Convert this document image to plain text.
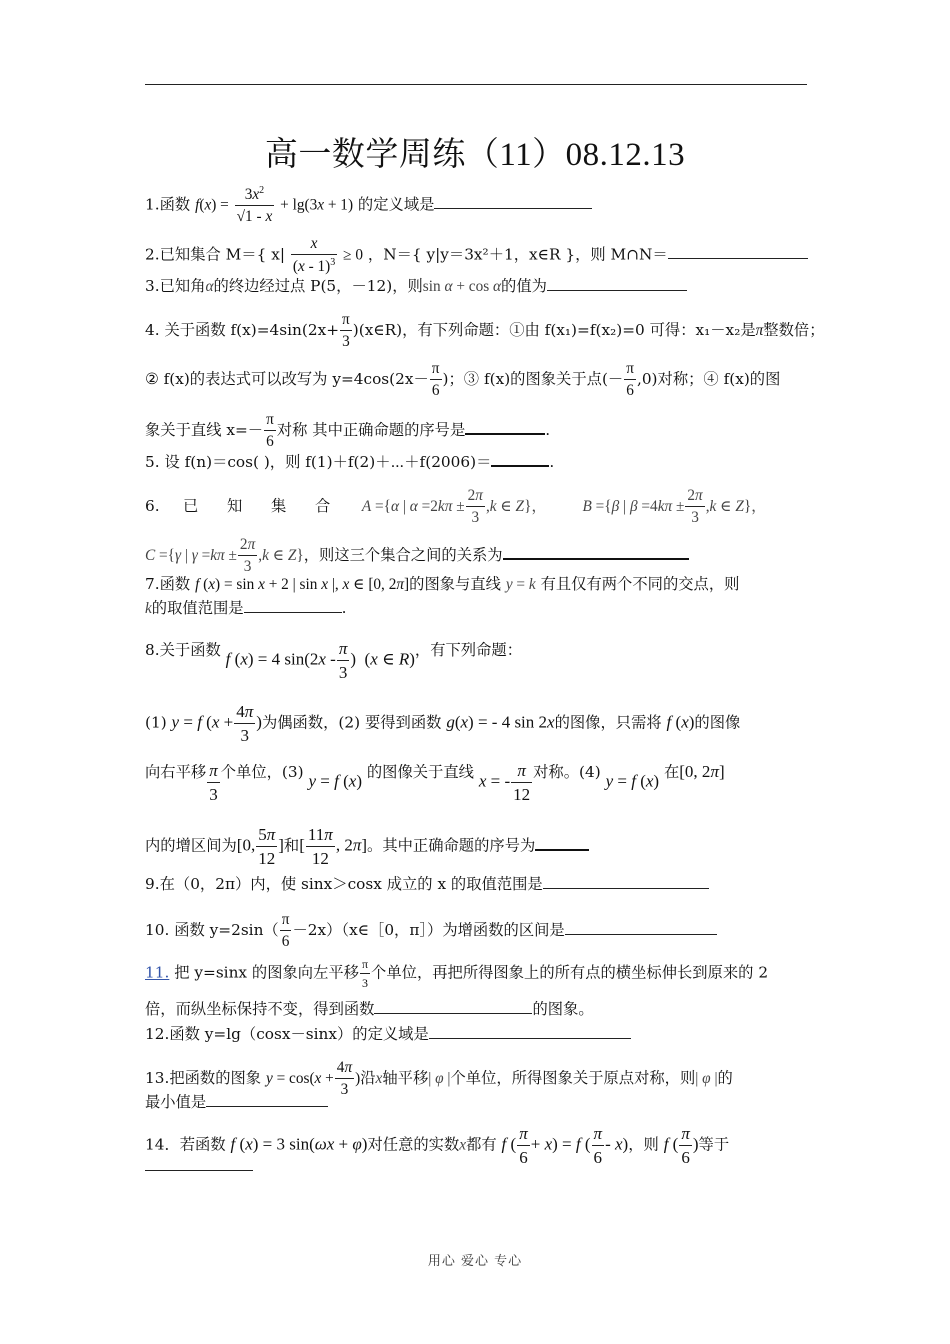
高一数学周练（11）08.12.13
1.函数 $f(x) = \frac{3x^2}{√1 - x} + \lg(3x + 1)$ 的定义域是
2.已知集合 M＝{ $x| \frac{x}{(x - 1)^3} \ge 0$ ，N＝{ y|y＝3x²＋1，x∈R }，则 M∩N＝
3.已知角α的终边经过点 P(5，－12)，则sin α + cos α的值为
4. 关于函数 $f(x)=4\sin(2x+ \frac{\pi}{3}$ )(x∈R)，有下列命题：①由 f(x₁)=f(x₂)=0 可得：x₁－x₂是π整数倍；
② f(x)的表达式可以改写为 $y=4\cos(2x- \frac{\pi}{6}$ )；③ f(x)的图象关于点(－ $\frac{\pi}{6} ,0$)对称；④ f(x)的图
象关于直线 $x=- \frac{\pi}{6}$ 对称 其中正确命题的序号是	.
5. 设 f(n)＝cos( )，则 f(1)＋f(2)＋⋯＋f(2006)＝	.
6. 已 知 集 合 A ={α | $\alpha =2k\pi \pm \frac{2\pi}{3} ,k$ ∈ Z}， B ={β | $\beta =4k\pi \pm \frac{2\pi}{3} ,k$ ∈ Z}，
C ={γ | $\gamma =k\pi \pm \frac{2\pi}{3} ,k$ ∈ Z}，则这三个集合之间的关系为
7.函数 f (x) = sin x + 2 | sin x |, x ∈ [0, 2π]的图象与直线 y = k 有且仅有两个不同的交点，则
k的取值范围是	.
8.关于函数 f (x) = 4 $\sin(2x - \frac{\pi}{3}$ )  (x ∈ R)，有下列命题：
(1) y = f ($x + \frac{4\pi}{3}$ )为偶函数，(2) 要得到函数 g(x) = - 4 sin 2x的图像，只需将 f (x)的图像
向右平移 $\frac{\pi}{3}$ 个单位，(3) y = f (x) 的图像关于直线 x = - $\frac{\pi}{12}$ 对称。(4) y = f (x) 在[0, 2π]
内的增区间为[0, $\frac{5\pi}{12}$ ]和[ $\frac{11\pi}{12}$ , 2π]。其中正确命题的序号为
9.在（0，2π）内，使 sinx＞cosx 成立的 x 的取值范围是
10. 函数 $y=2\sin( \frac{\pi}{6}$ －2x）（x∈［0，π］）为增函数的区间是
11. 把 y=sinx 的图象向左平移 $\frac{\pi}{3}$ 个单位，再把所得图象上的所有点的横坐标伸长到原来的 2
倍，而纵坐标保持不变，得到函数	的图象。
12.函数 y=lg（cosx－sinx）的定义域是
13.把函数的图象 $y = \cos(x + \frac{4\pi}{3}$ )沿x轴平移| φ |个单位，所得图象关于原点对称，则| φ |的
最小值是
14．若函数 f (x) = 3 sin(ωx + φ)对任意的实数x都有 f ( $\frac{\pi}{6} + x) = f$ ( $\frac{\pi}{6} - x$)，则 f ( $\frac{\pi}{6}$ )等于
用心 爱心 专心
